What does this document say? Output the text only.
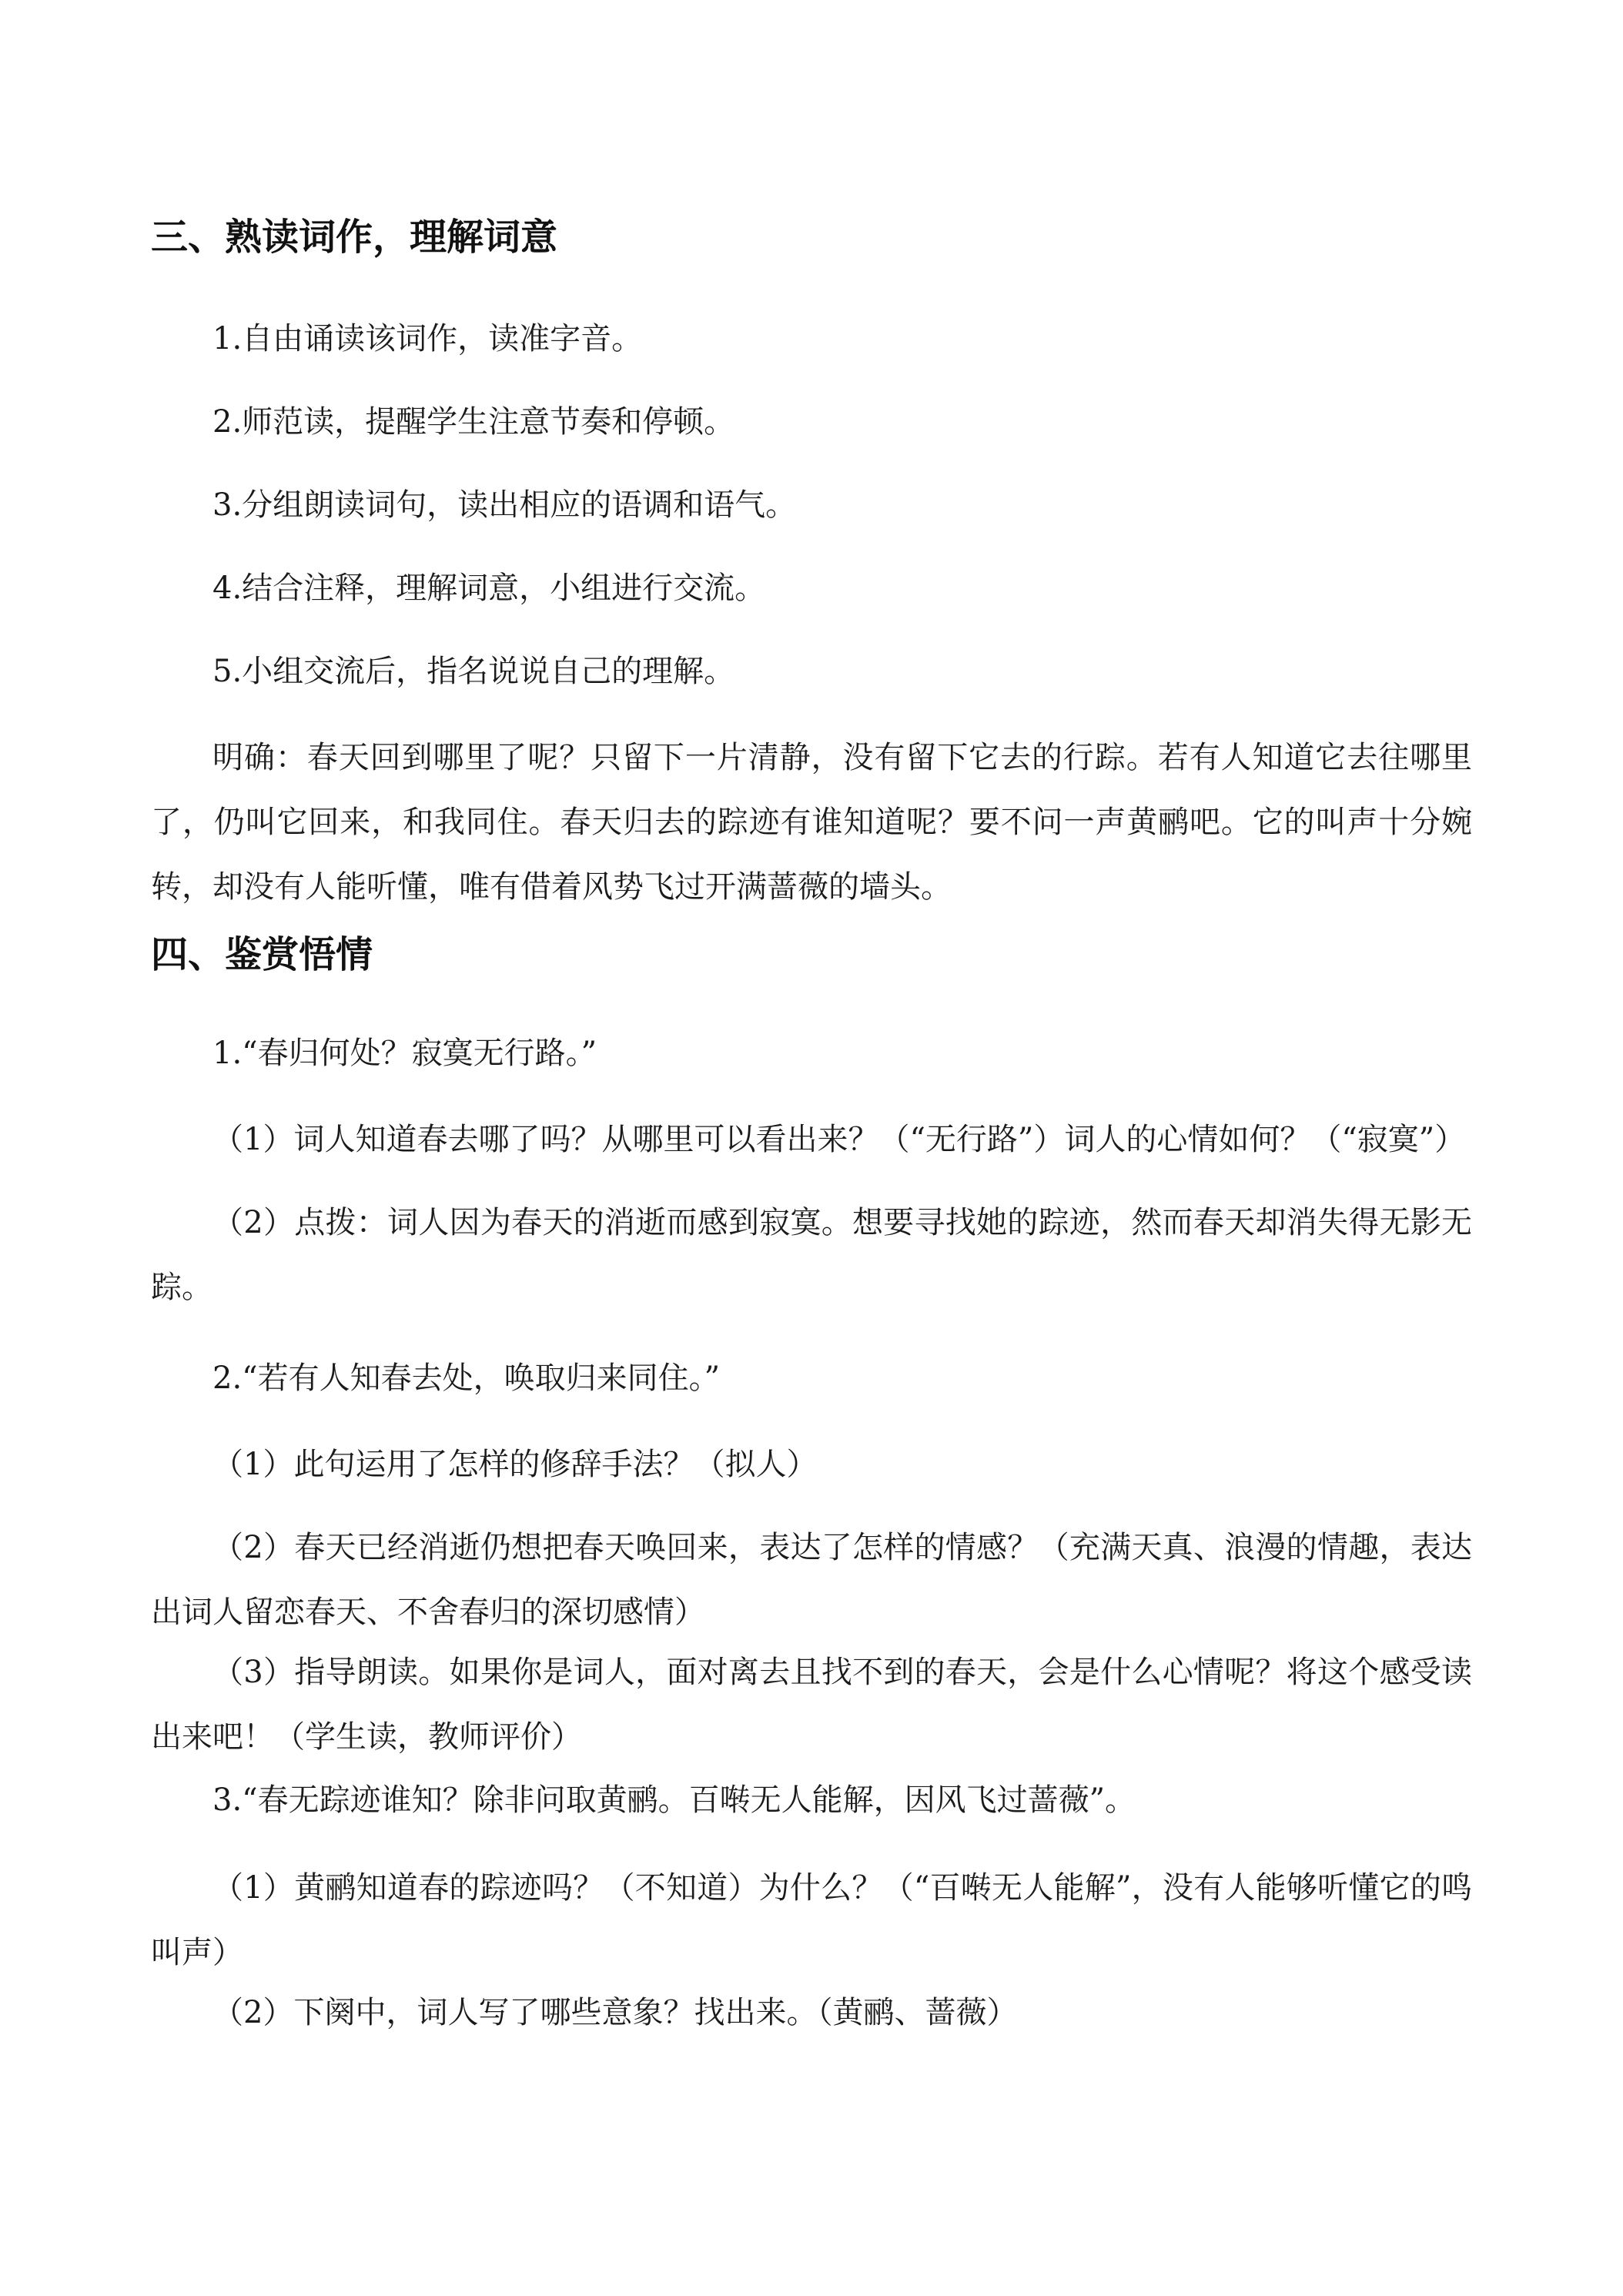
三、熟读词作，理解词意

1.自由诵读该词作，读准字音。

2.师范读，提醒学生注意节奏和停顿。

3.分组朗读词句，读出相应的语调和语气。

4.结合注释，理解词意，小组进行交流。

5.小组交流后，指名说说自己的理解。

明确：春天回到哪里了呢？只留下一片清静，没有留下它去的行踪。若有人知道它去往哪里了，仍叫它回来，和我同住。春天归去的踪迹有谁知道呢？要不问一声黄鹂吧。它的叫声十分婉转，却没有人能听懂，唯有借着风势飞过开满蔷薇的墙头。

四、鉴赏悟情

1.“春归何处？寂寞无行路。”

（1）词人知道春去哪了吗？从哪里可以看出来？（“无行路”）词人的心情如何？（“寂寞”）

（2）点拨：词人因为春天的消逝而感到寂寞。想要寻找她的踪迹，然而春天却消失得无影无踪。

2.“若有人知春去处，唤取归来同住。”

（1）此句运用了怎样的修辞手法？（拟人）

（2）春天已经消逝仍想把春天唤回来，表达了怎样的情感？（充满天真、浪漫的情趣，表达出词人留恋春天、不舍春归的深切感情）

（3）指导朗读。如果你是词人，面对离去且找不到的春天，会是什么心情呢？将这个感受读出来吧！（学生读，教师评价）

3.“春无踪迹谁知？除非问取黄鹂。百啭无人能解，因风飞过蔷薇”。

（1）黄鹂知道春的踪迹吗？（不知道）为什么？（“百啭无人能解”，没有人能够听懂它的鸣叫声）

（2）下阕中，词人写了哪些意象？找出来。（黄鹂、蔷薇）
